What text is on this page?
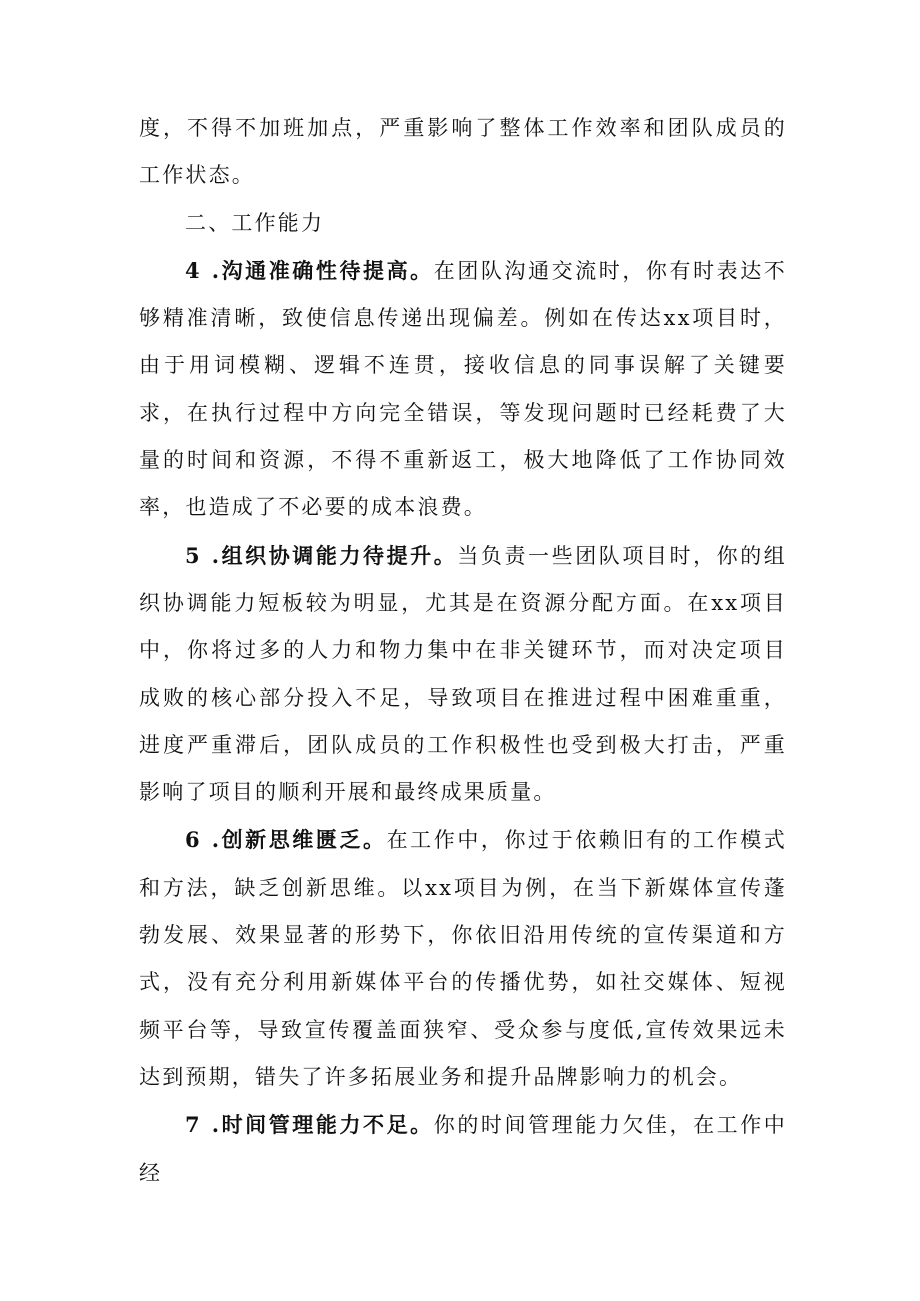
度，不得不加班加点，严重影响了整体工作效率和团队成员的工作状态。

二、工作能力

4 .沟通准确性待提高。在团队沟通交流时，你有时表达不够精准清晰，致使信息传递出现偏差。例如在传达xx项目时，由于用词模糊、逻辑不连贯，接收信息的同事误解了关键要求，在执行过程中方向完全错误，等发现问题时已经耗费了大量的时间和资源，不得不重新返工，极大地降低了工作协同效率，也造成了不必要的成本浪费。

5 .组织协调能力待提升。当负责一些团队项目时，你的组织协调能力短板较为明显，尤其是在资源分配方面。在xx项目中，你将过多的人力和物力集中在非关键环节，而对决定项目成败的核心部分投入不足，导致项目在推进过程中困难重重，进度严重滞后，团队成员的工作积极性也受到极大打击，严重影响了项目的顺利开展和最终成果质量。

6 .创新思维匮乏。在工作中，你过于依赖旧有的工作模式和方法，缺乏创新思维。以xx项目为例，在当下新媒体宣传蓬勃发展、效果显著的形势下，你依旧沿用传统的宣传渠道和方式，没有充分利用新媒体平台的传播优势，如社交媒体、短视频平台等，导致宣传覆盖面狭窄、受众参与度低,宣传效果远未达到预期，错失了许多拓展业务和提升品牌影响力的机会。

7 .时间管理能力不足。你的时间管理能力欠佳，在工作中经
